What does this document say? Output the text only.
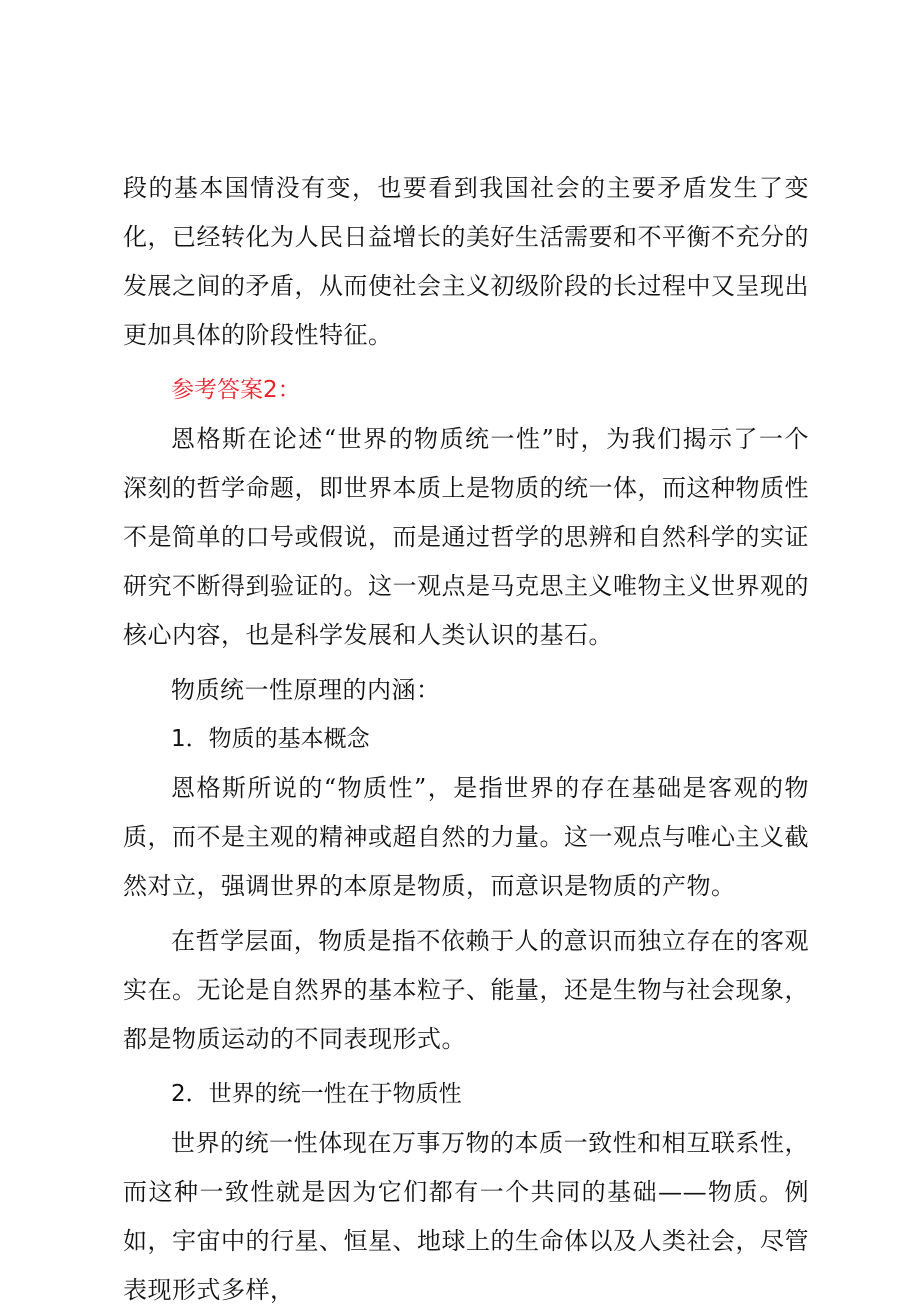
段的基本国情没有变，也要看到我国社会的主要矛盾发生了变化，已经转化为人民日益增长的美好生活需要和不平衡不充分的发展之间的矛盾，从而使社会主义初级阶段的长过程中又呈现出更加具体的阶段性特征。

参考答案2：

恩格斯在论述“世界的物质统一性”时，为我们揭示了一个深刻的哲学命题，即世界本质上是物质的统一体，而这种物质性不是简单的口号或假说，而是通过哲学的思辨和自然科学的实证研究不断得到验证的。这一观点是马克思主义唯物主义世界观的核心内容，也是科学发展和人类认识的基石。

物质统一性原理的内涵：

1．物质的基本概念

恩格斯所说的“物质性”，是指世界的存在基础是客观的物质，而不是主观的精神或超自然的力量。这一观点与唯心主义截然对立，强调世界的本原是物质，而意识是物质的产物。

在哲学层面，物质是指不依赖于人的意识而独立存在的客观实在。无论是自然界的基本粒子、能量，还是生物与社会现象，都是物质运动的不同表现形式。

2．世界的统一性在于物质性

世界的统一性体现在万事万物的本质一致性和相互联系性，而这种一致性就是因为它们都有一个共同的基础——物质。例如，宇宙中的行星、恒星、地球上的生命体以及人类社会，尽管表现形式多样，
